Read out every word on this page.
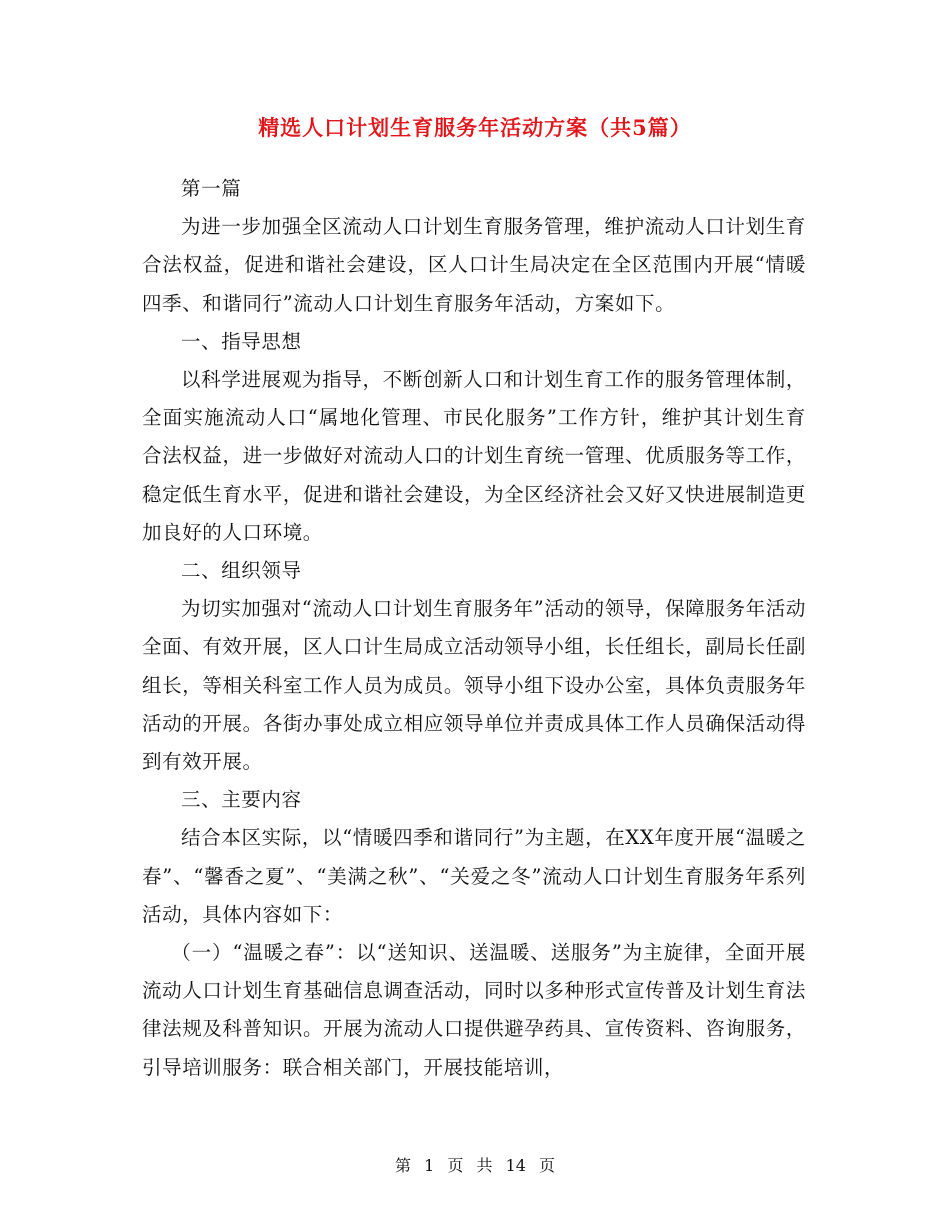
精选人口计划生育服务年活动方案（共5篇）

第一篇

为进一步加强全区流动人口计划生育服务管理，维护流动人口计划生育合法权益，促进和谐社会建设，区人口计生局决定在全区范围内开展“情暖四季、和谐同行”流动人口计划生育服务年活动，方案如下。

一、指导思想

以科学进展观为指导，不断创新人口和计划生育工作的服务管理体制，全面实施流动人口“属地化管理、市民化服务”工作方针，维护其计划生育合法权益，进一步做好对流动人口的计划生育统一管理、优质服务等工作，稳定低生育水平，促进和谐社会建设，为全区经济社会又好又快进展制造更加良好的人口环境。

二、组织领导

为切实加强对“流动人口计划生育服务年”活动的领导，保障服务年活动全面、有效开展，区人口计生局成立活动领导小组，长任组长，副局长任副组长，等相关科室工作人员为成员。领导小组下设办公室，具体负责服务年活动的开展。各街办事处成立相应领导单位并责成具体工作人员确保活动得到有效开展。

三、主要内容

结合本区实际，以“情暖四季和谐同行”为主题，在XX年度开展“温暖之春”、“馨香之夏”、“美满之秋”、“关爱之冬”流动人口计划生育服务年系列活动，具体内容如下：

（一）“温暖之春”：以“送知识、送温暖、送服务”为主旋律，全面开展流动人口计划生育基础信息调查活动，同时以多种形式宣传普及计划生育法律法规及科普知识。开展为流动人口提供避孕药具、宣传资料、咨询服务，引导培训服务：联合相关部门，开展技能培训，

第 1 页 共 14 页
